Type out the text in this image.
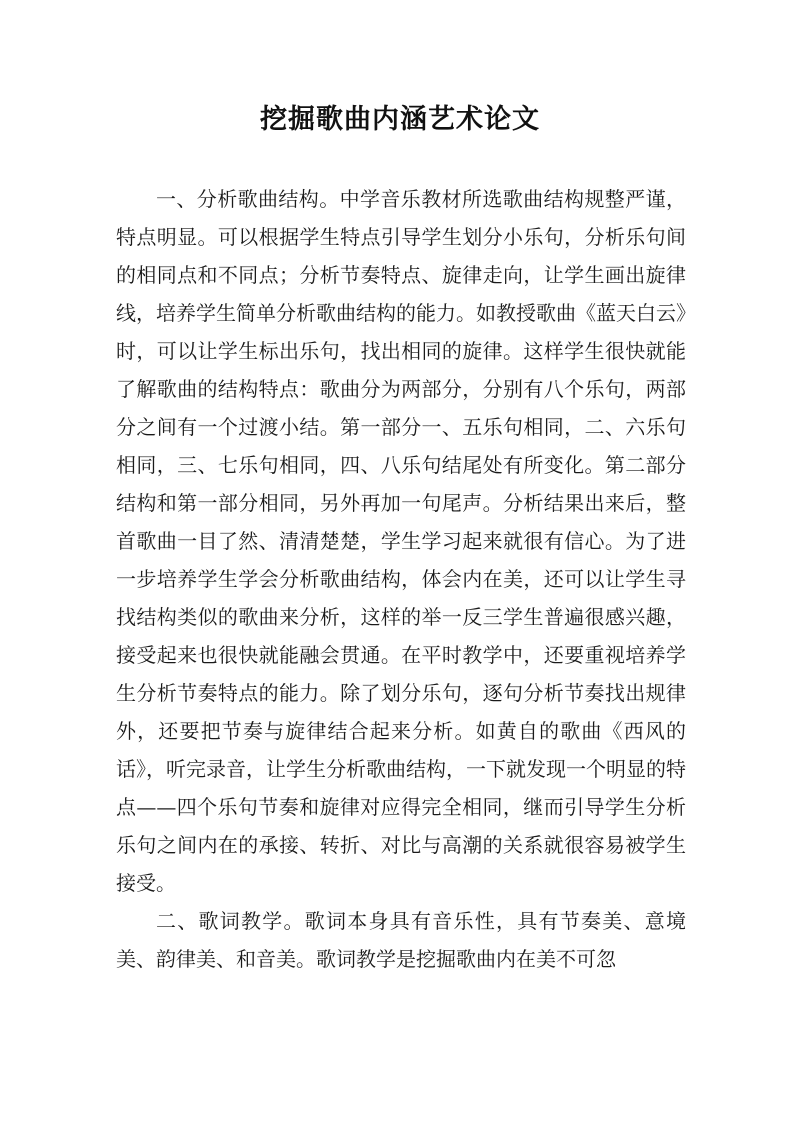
挖掘歌曲内涵艺术论文

一、分析歌曲结构。中学音乐教材所选歌曲结构规整严谨，特点明显。可以根据学生特点引导学生划分小乐句，分析乐句间的相同点和不同点；分析节奏特点、旋律走向，让学生画出旋律线，培养学生简单分析歌曲结构的能力。如教授歌曲《蓝天白云》时，可以让学生标出乐句，找出相同的旋律。这样学生很快就能了解歌曲的结构特点：歌曲分为两部分，分别有八个乐句，两部分之间有一个过渡小结。第一部分一、五乐句相同，二、六乐句相同，三、七乐句相同，四、八乐句结尾处有所变化。第二部分结构和第一部分相同，另外再加一句尾声。分析结果出来后，整首歌曲一目了然、清清楚楚，学生学习起来就很有信心。为了进一步培养学生学会分析歌曲结构，体会内在美，还可以让学生寻找结构类似的歌曲来分析，这样的举一反三学生普遍很感兴趣，接受起来也很快就能融会贯通。在平时教学中，还要重视培养学生分析节奏特点的能力。除了划分乐句，逐句分析节奏找出规律外，还要把节奏与旋律结合起来分析。如黄自的歌曲《西风的话》，听完录音，让学生分析歌曲结构，一下就发现一个明显的特点——四个乐句节奏和旋律对应得完全相同，继而引导学生分析乐句之间内在的承接、转折、对比与高潮的关系就很容易被学生接受。

二、歌词教学。歌词本身具有音乐性，具有节奏美、意境美、韵律美、和音美。歌词教学是挖掘歌曲内在美不可忽
